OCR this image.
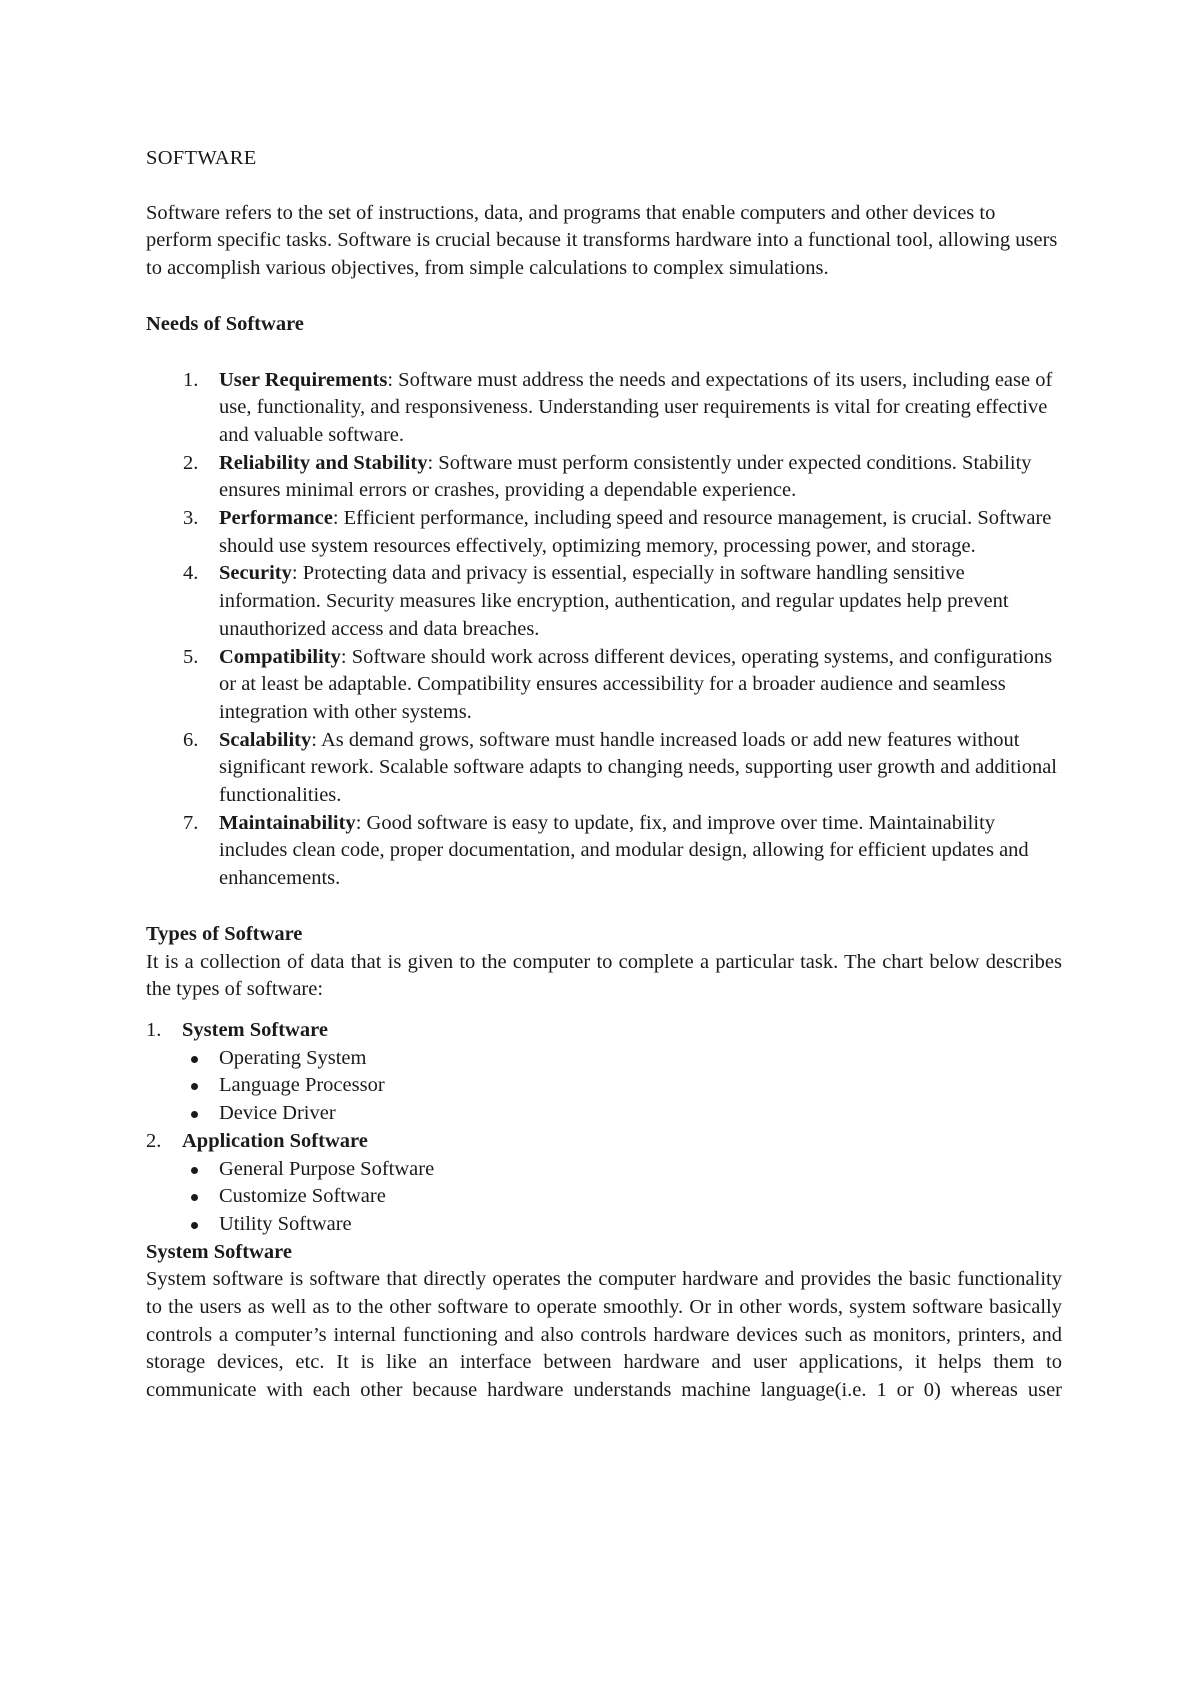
SOFTWARE

Software refers to the set of instructions, data, and programs that enable computers and other devices to perform specific tasks. Software is crucial because it transforms hardware into a functional tool, allowing users to accomplish various objectives, from simple calculations to complex simulations.

Needs of Software

1. User Requirements: Software must address the needs and expectations of its users, including ease of use, functionality, and responsiveness. Understanding user requirements is vital for creating effective and valuable software.
2. Reliability and Stability: Software must perform consistently under expected conditions. Stability ensures minimal errors or crashes, providing a dependable experience.
3. Performance: Efficient performance, including speed and resource management, is crucial. Software should use system resources effectively, optimizing memory, processing power, and storage.
4. Security: Protecting data and privacy is essential, especially in software handling sensitive information. Security measures like encryption, authentication, and regular updates help prevent unauthorized access and data breaches.
5. Compatibility: Software should work across different devices, operating systems, and configurations or at least be adaptable. Compatibility ensures accessibility for a broader audience and seamless integration with other systems.
6. Scalability: As demand grows, software must handle increased loads or add new features without significant rework. Scalable software adapts to changing needs, supporting user growth and additional functionalities.
7. Maintainability: Good software is easy to update, fix, and improve over time. Maintainability includes clean code, proper documentation, and modular design, allowing for efficient updates and enhancements.

Types of Software

It is a collection of data that is given to the computer to complete a particular task. The chart below describes the types of software:

1. System Software
Operating System
Language Processor
Device Driver
2. Application Software
General Purpose Software
Customize Software
Utility Software

System Software

System software is software that directly operates the computer hardware and provides the basic functionality to the users as well as to the other software to operate smoothly. Or in other words, system software basically controls a computer’s internal functioning and also controls hardware devices such as monitors, printers, and storage devices, etc. It is like an interface between hardware and user applications, it helps them to communicate with each other because hardware understands machine language(i.e. 1 or 0) whereas user
